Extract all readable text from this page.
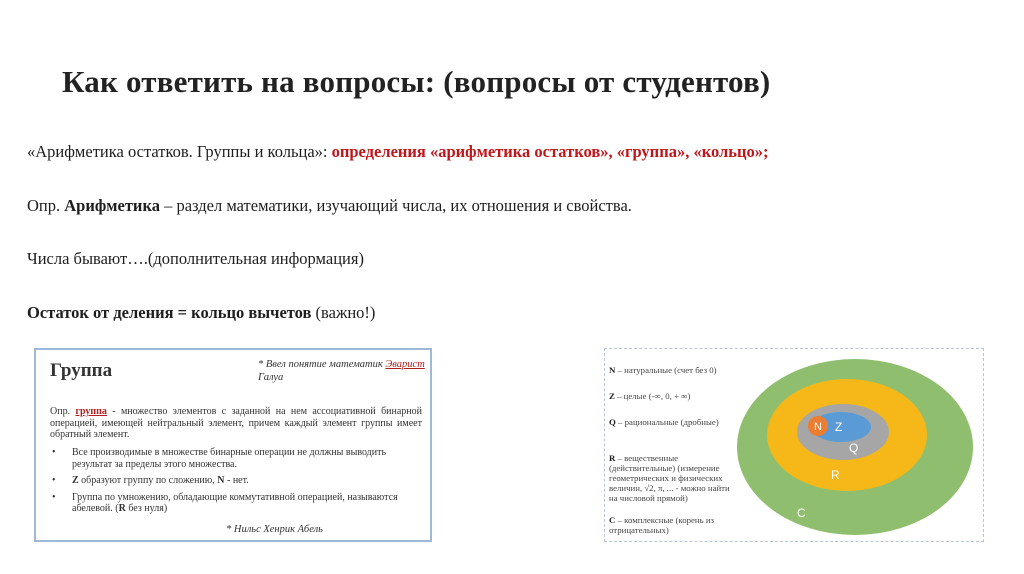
Как ответить на вопросы: (вопросы от студентов)
«Арифметика остатков. Группы и кольца»: определения «арифметика остатков», «группа», «кольцо»;
Опр. Арифметика – раздел математики, изучающий числа, их отношения и свойства.
Числа бывают….(дополнительная информация)
Остаток от деления = кольцо вычетов (важно!)
Группа	* Ввел понятие математик Эварист
Галуа
Опр. группа - множество элементов с заданной на нем ассоциативной бинарной операцией, имеющей нейтральный элемент, причем каждый элемент группы имеет обратный элемент.
• Все производимые в множестве бинарные операции не должны выводить результат за пределы этого множества.
• Z образуют группу по сложению, N - нет.
• Группа по умножению, обладающие коммутативной операцией, называются абелевой. (R без нуля)
* Нильс Хенрик Абель
N – натуральные (счет без 0)
Z – целые (-∞, 0, + ∞)
Q – рациональные (дробные)
R – вещественные (действительные) (измерение геометрических и физических величин, √2, π, ... - можно найти на числовой прямой)
C – комплексные (корень из отрицательных)
N Z
Q
R
C
